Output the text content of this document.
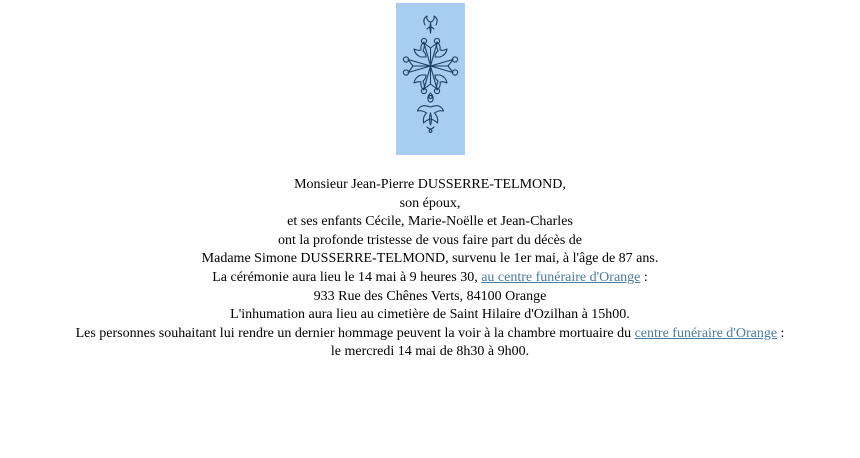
Monsieur Jean-Pierre DUSSERRE-TELMOND,
son époux,
et ses enfants Cécile, Marie-Noëlle et Jean-Charles
ont la profonde tristesse de vous faire part du décès de
Madame Simone DUSSERRE-TELMOND, survenu le 1er mai, à l'âge de 87 ans.
La cérémonie aura lieu le 14 mai à 9 heures 30, au centre funéraire d'Orange :
933 Rue des Chênes Verts, 84100 Orange
L'inhumation aura lieu au cimetière de Saint Hilaire d'Ozilhan à 15h00.
Les personnes souhaitant lui rendre un dernier hommage peuvent la voir à la chambre mortuaire du centre funéraire d'Orange :
le mercredi 14 mai de 8h30 à 9h00.
